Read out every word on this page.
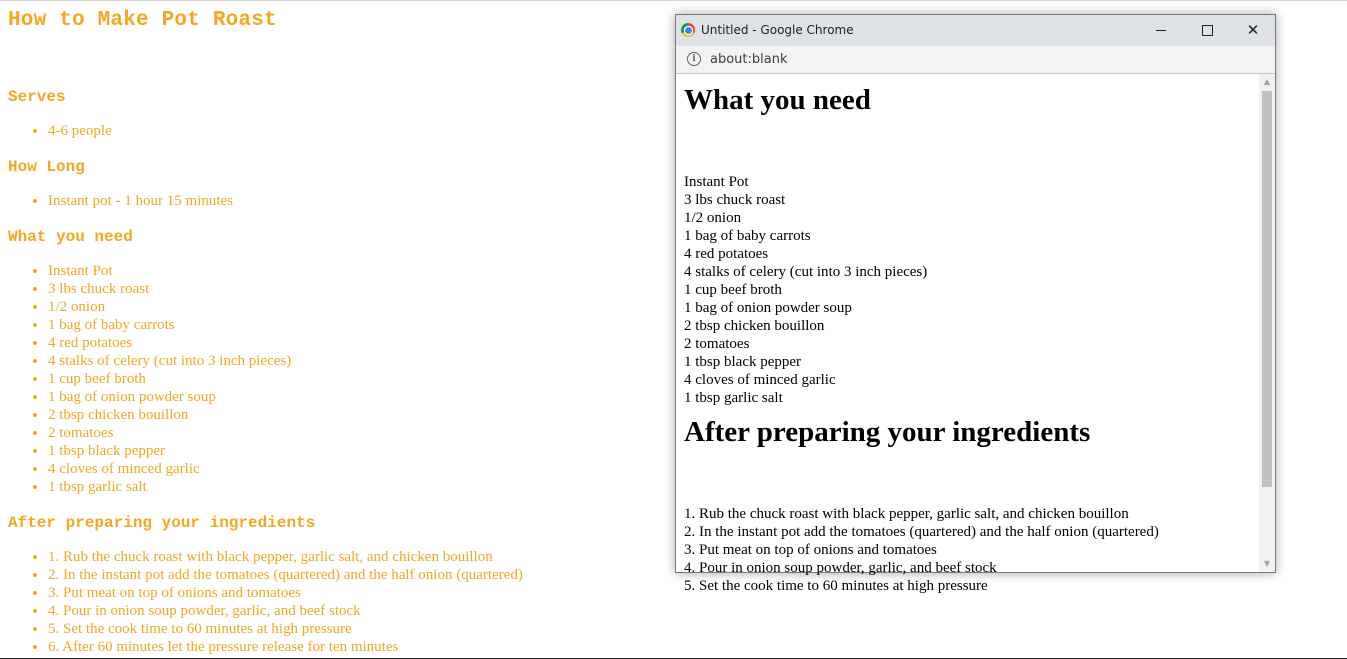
How to Make Pot Roast
Serves
• 4-6 people
How Long
• Instant pot - 1 hour 15 minutes
What you need
• Instant Pot
• 3 lbs chuck roast
• 1/2 onion
• 1 bag of baby carrots
• 4 red potatoes
• 4 stalks of celery (cut into 3 inch pieces)
• 1 cup beef broth
• 1 bag of onion powder soup
• 2 tbsp chicken bouillon
• 2 tomatoes
• 1 tbsp black pepper
• 4 cloves of minced garlic
• 1 tbsp garlic salt
After preparing your ingredients
• 1. Rub the chuck roast with black pepper, garlic salt, and chicken bouillon
• 2. In the instant pot add the tomatoes (quartered) and the half onion (quartered)
• 3. Put meat on top of onions and tomatoes
• 4. Pour in onion soup powder, garlic, and beef stock
• 5. Set the cook time to 60 minutes at high pressure
• 6. After 60 minutes let the pressure release for ten minutes
Untitled - Google Chrome	✕
i	about:blank
What you need
Instant Pot
3 lbs chuck roast
1/2 onion
1 bag of baby carrots
4 red potatoes
4 stalks of celery (cut into 3 inch pieces)
1 cup beef broth
1 bag of onion powder soup
2 tbsp chicken bouillon
2 tomatoes
1 tbsp black pepper
4 cloves of minced garlic
1 tbsp garlic salt
After preparing your ingredients
1. Rub the chuck roast with black pepper, garlic salt, and chicken bouillon
2. In the instant pot add the tomatoes (quartered) and the half onion (quartered)
3. Put meat on top of onions and tomatoes
4. Pour in onion soup powder, garlic, and beef stock
5. Set the cook time to 60 minutes at high pressure
▲
▼
